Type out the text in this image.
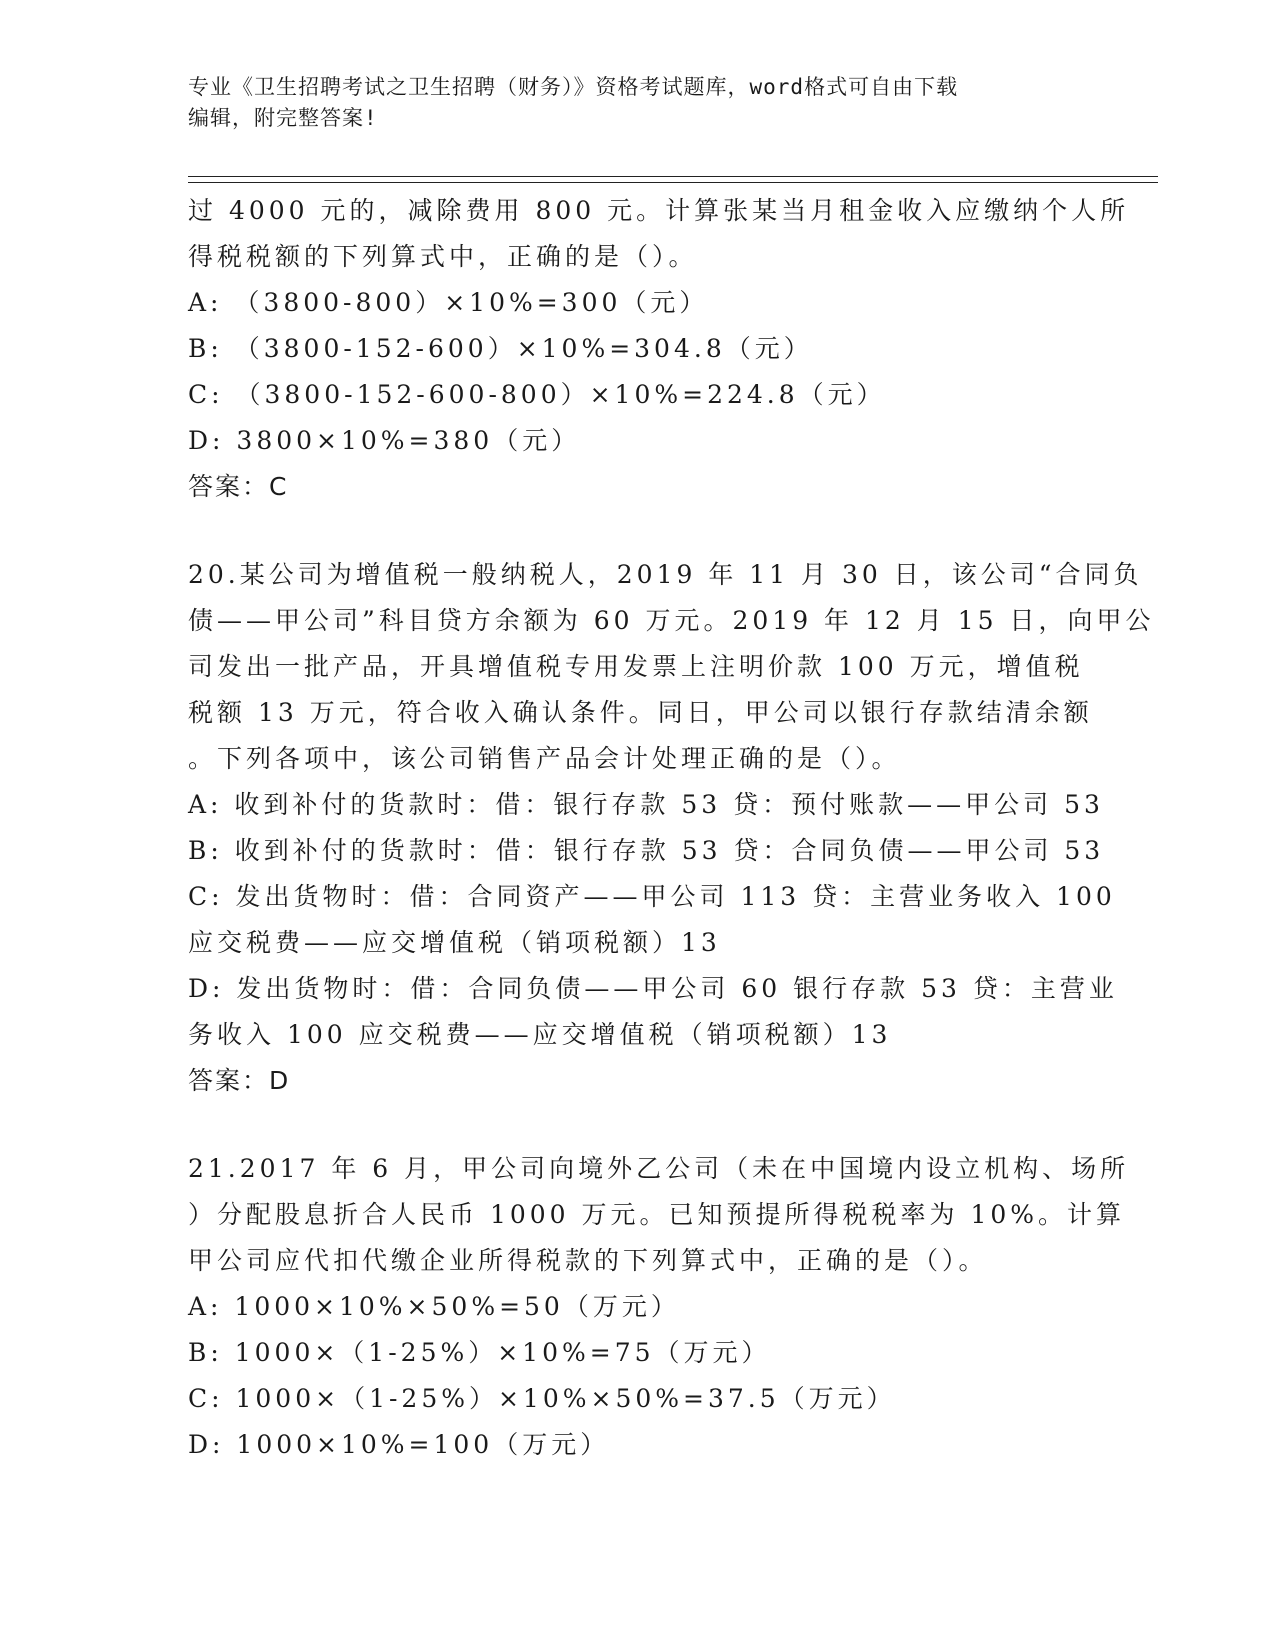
专业《卫生招聘考试之卫生招聘（财务）》资格考试题库，word格式可自由下载
编辑，附完整答案!
过 4000 元的，减除费用 800 元。计算张某当月租金收入应缴纳个人所
得税税额的下列算式中，正确的是（）。
A: （3800-800）×10%=300（元）
B: （3800-152-600）×10%=304.8（元）
C: （3800-152-600-800）×10%=224.8（元）
D: 3800×10%=380（元）
答案：C
20.某公司为增值税一般纳税人，2019 年 11 月 30 日，该公司“合同负
债——甲公司”科目贷方余额为 60 万元。2019 年 12 月 15 日，向甲公
司发出一批产品，开具增值税专用发票上注明价款 100 万元，增值税
税额 13 万元，符合收入确认条件。同日，甲公司以银行存款结清余额
。下列各项中，该公司销售产品会计处理正确的是（）。
A: 收到补付的货款时：借：银行存款 53 贷：预付账款——甲公司 53
B: 收到补付的货款时：借：银行存款 53 贷：合同负债——甲公司 53
C: 发出货物时：借：合同资产——甲公司 113 贷：主营业务收入 100
应交税费——应交增值税（销项税额）13
D: 发出货物时：借：合同负债——甲公司 60 银行存款 53 贷：主营业
务收入 100 应交税费——应交增值税（销项税额）13
答案：D
21.2017 年 6 月，甲公司向境外乙公司（未在中国境内设立机构、场所
）分配股息折合人民币 1000 万元。已知预提所得税税率为 10%。计算
甲公司应代扣代缴企业所得税款的下列算式中，正确的是（）。
A: 1000×10%×50%=50（万元）
B: 1000×（1-25%）×10%=75（万元）
C: 1000×（1-25%）×10%×50%=37.5（万元）
D: 1000×10%=100（万元）
